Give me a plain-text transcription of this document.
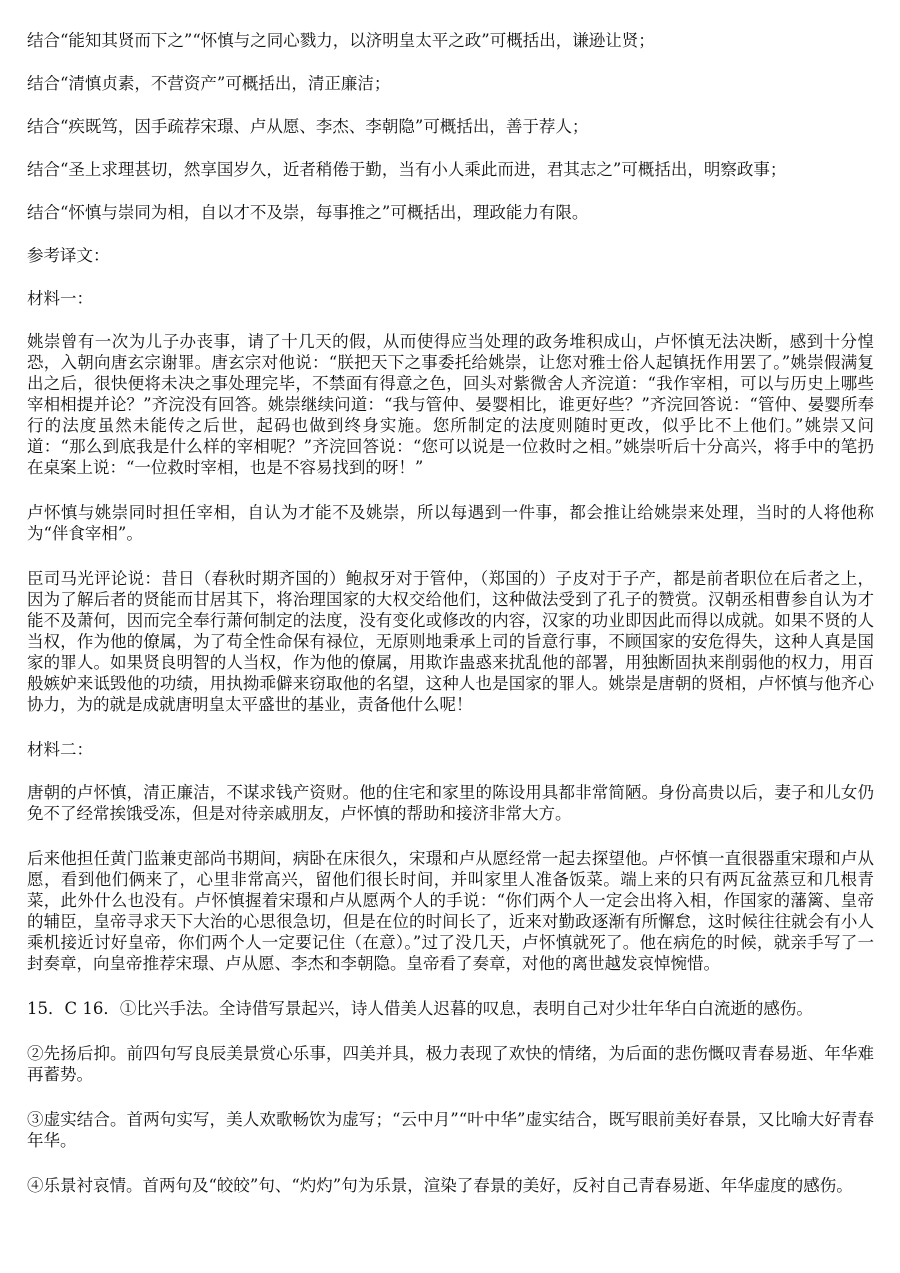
结合“能知其贤而下之”“怀慎与之同心戮力，以济明皇太平之政”可概括出，谦逊让贤；

结合“清慎贞素，不营资产”可概括出，清正廉洁；

结合“疾既笃，因手疏荐宋璟、卢从愿、李杰、李朝隐”可概括出，善于荐人；

结合“圣上求理甚切，然享国岁久，近者稍倦于勤，当有小人乘此而进，君其志之”可概括出，明察政事；

结合“怀慎与崇同为相，自以才不及崇，每事推之”可概括出，理政能力有限。

参考译文：

材料一：

姚崇曾有一次为儿子办丧事，请了十几天的假，从而使得应当处理的政务堆积成山，卢怀慎无法决断，感到十分惶恐，入朝向唐玄宗谢罪。唐玄宗对他说：“朕把天下之事委托给姚崇，让您对雅士俗人起镇抚作用罢了。”姚崇假满复出之后，很快便将未决之事处理完毕，不禁面有得意之色，回头对紫微舍人齐浣道：“我作宰相，可以与历史上哪些宰相相提并论？”齐浣没有回答。姚崇继续问道：“我与管仲、晏婴相比，谁更好些？”齐浣回答说：“管仲、晏婴所奉行的法度虽然未能传之后世，起码也做到终身实施。您所制定的法度则随时更改，似乎比不上他们。”姚崇又问道：“那么到底我是什么样的宰相呢？”齐浣回答说：“您可以说是一位救时之相。”姚崇听后十分高兴，将手中的笔扔在桌案上说：“一位救时宰相，也是不容易找到的呀！”

卢怀慎与姚崇同时担任宰相，自认为才能不及姚崇，所以每遇到一件事，都会推让给姚崇来处理，当时的人将他称为“伴食宰相”。

臣司马光评论说：昔日（春秋时期齐国的）鲍叔牙对于管仲，（郑国的）子皮对于子产，都是前者职位在后者之上，因为了解后者的贤能而甘居其下，将治理国家的大权交给他们，这种做法受到了孔子的赞赏。汉朝丞相曹参自认为才能不及萧何，因而完全奉行萧何制定的法度，没有变化或修改的内容，汉家的功业即因此而得以成就。如果不贤的人当权，作为他的僚属，为了苟全性命保有禄位，无原则地秉承上司的旨意行事，不顾国家的安危得失，这种人真是国家的罪人。如果贤良明智的人当权，作为他的僚属，用欺诈蛊惑来扰乱他的部署，用独断固执来削弱他的权力，用百般嫉妒来诋毁他的功绩，用执拗乖僻来窃取他的名望，这种人也是国家的罪人。姚崇是唐朝的贤相，卢怀慎与他齐心协力，为的就是成就唐明皇太平盛世的基业，责备他什么呢！

材料二：

唐朝的卢怀慎，清正廉洁，不谋求钱产资财。他的住宅和家里的陈设用具都非常简陋。身份高贵以后，妻子和儿女仍免不了经常挨饿受冻，但是对待亲戚朋友，卢怀慎的帮助和接济非常大方。

后来他担任黄门监兼吏部尚书期间，病卧在床很久，宋璟和卢从愿经常一起去探望他。卢怀慎一直很器重宋璟和卢从愿，看到他们俩来了，心里非常高兴，留他们很长时间，并叫家里人准备饭菜。端上来的只有两瓦盆蒸豆和几根青菜，此外什么也没有。卢怀慎握着宋璟和卢从愿两个人的手说：“你们两个人一定会出将入相，作国家的藩篱、皇帝的辅臣，皇帝寻求天下大治的心思很急切，但是在位的时间长了，近来对勤政逐渐有所懈怠，这时候往往就会有小人乘机接近讨好皇帝，你们两个人一定要记住（在意）。”过了没几天，卢怀慎就死了。他在病危的时候，就亲手写了一封奏章，向皇帝推荐宋璟、卢从愿、李杰和李朝隐。皇帝看了奏章，对他的离世越发哀悼惋惜。

15．C 16．①比兴手法。全诗借写景起兴，诗人借美人迟暮的叹息，表明自己对少壮年华白白流逝的感伤。

②先扬后抑。前四句写良辰美景赏心乐事，四美并具，极力表现了欢快的情绪，为后面的悲伤慨叹青春易逝、年华难再蓄势。

③虚实结合。首两句实写，美人欢歌畅饮为虚写；“云中月”“叶中华”虚实结合，既写眼前美好春景，又比喻大好青春年华。

④乐景衬哀情。首两句及“皎皎”句、“灼灼”句为乐景，渲染了春景的美好，反衬自己青春易逝、年华虚度的感伤。
